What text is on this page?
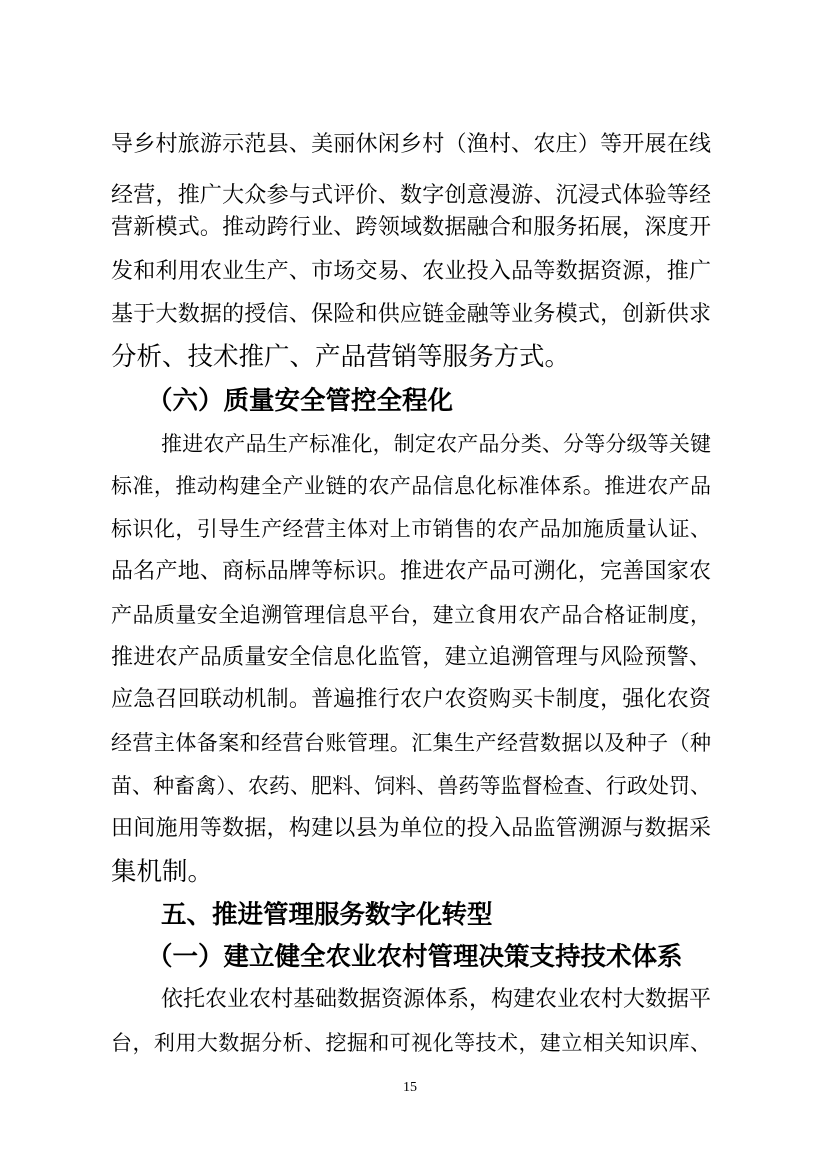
导乡村旅游示范县、美丽休闲乡村（渔村、农庄）等开展在线
经营，推广大众参与式评价、数字创意漫游、沉浸式体验等经
营新模式。推动跨行业、跨领域数据融合和服务拓展，深度开
发和利用农业生产、市场交易、农业投入品等数据资源，推广
基于大数据的授信、保险和供应链金融等业务模式，创新供求
分析、技术推广、产品营销等服务方式。
（六）质量安全管控全程化
推进农产品生产标准化，制定农产品分类、分等分级等关键
标准，推动构建全产业链的农产品信息化标准体系。推进农产品
标识化，引导生产经营主体对上市销售的农产品加施质量认证、
品名产地、商标品牌等标识。推进农产品可溯化，完善国家农
产品质量安全追溯管理信息平台，建立食用农产品合格证制度，
推进农产品质量安全信息化监管，建立追溯管理与风险预警、
应急召回联动机制。普遍推行农户农资购买卡制度，强化农资
经营主体备案和经营台账管理。汇集生产经营数据以及种子（种
苗、种畜禽）、农药、肥料、饲料、兽药等监督检查、行政处罚、
田间施用等数据，构建以县为单位的投入品监管溯源与数据采
集机制。
五、推进管理服务数字化转型
（一）建立健全农业农村管理决策支持技术体系
依托农业农村基础数据资源体系，构建农业农村大数据平
台，利用大数据分析、挖掘和可视化等技术，建立相关知识库、
15
